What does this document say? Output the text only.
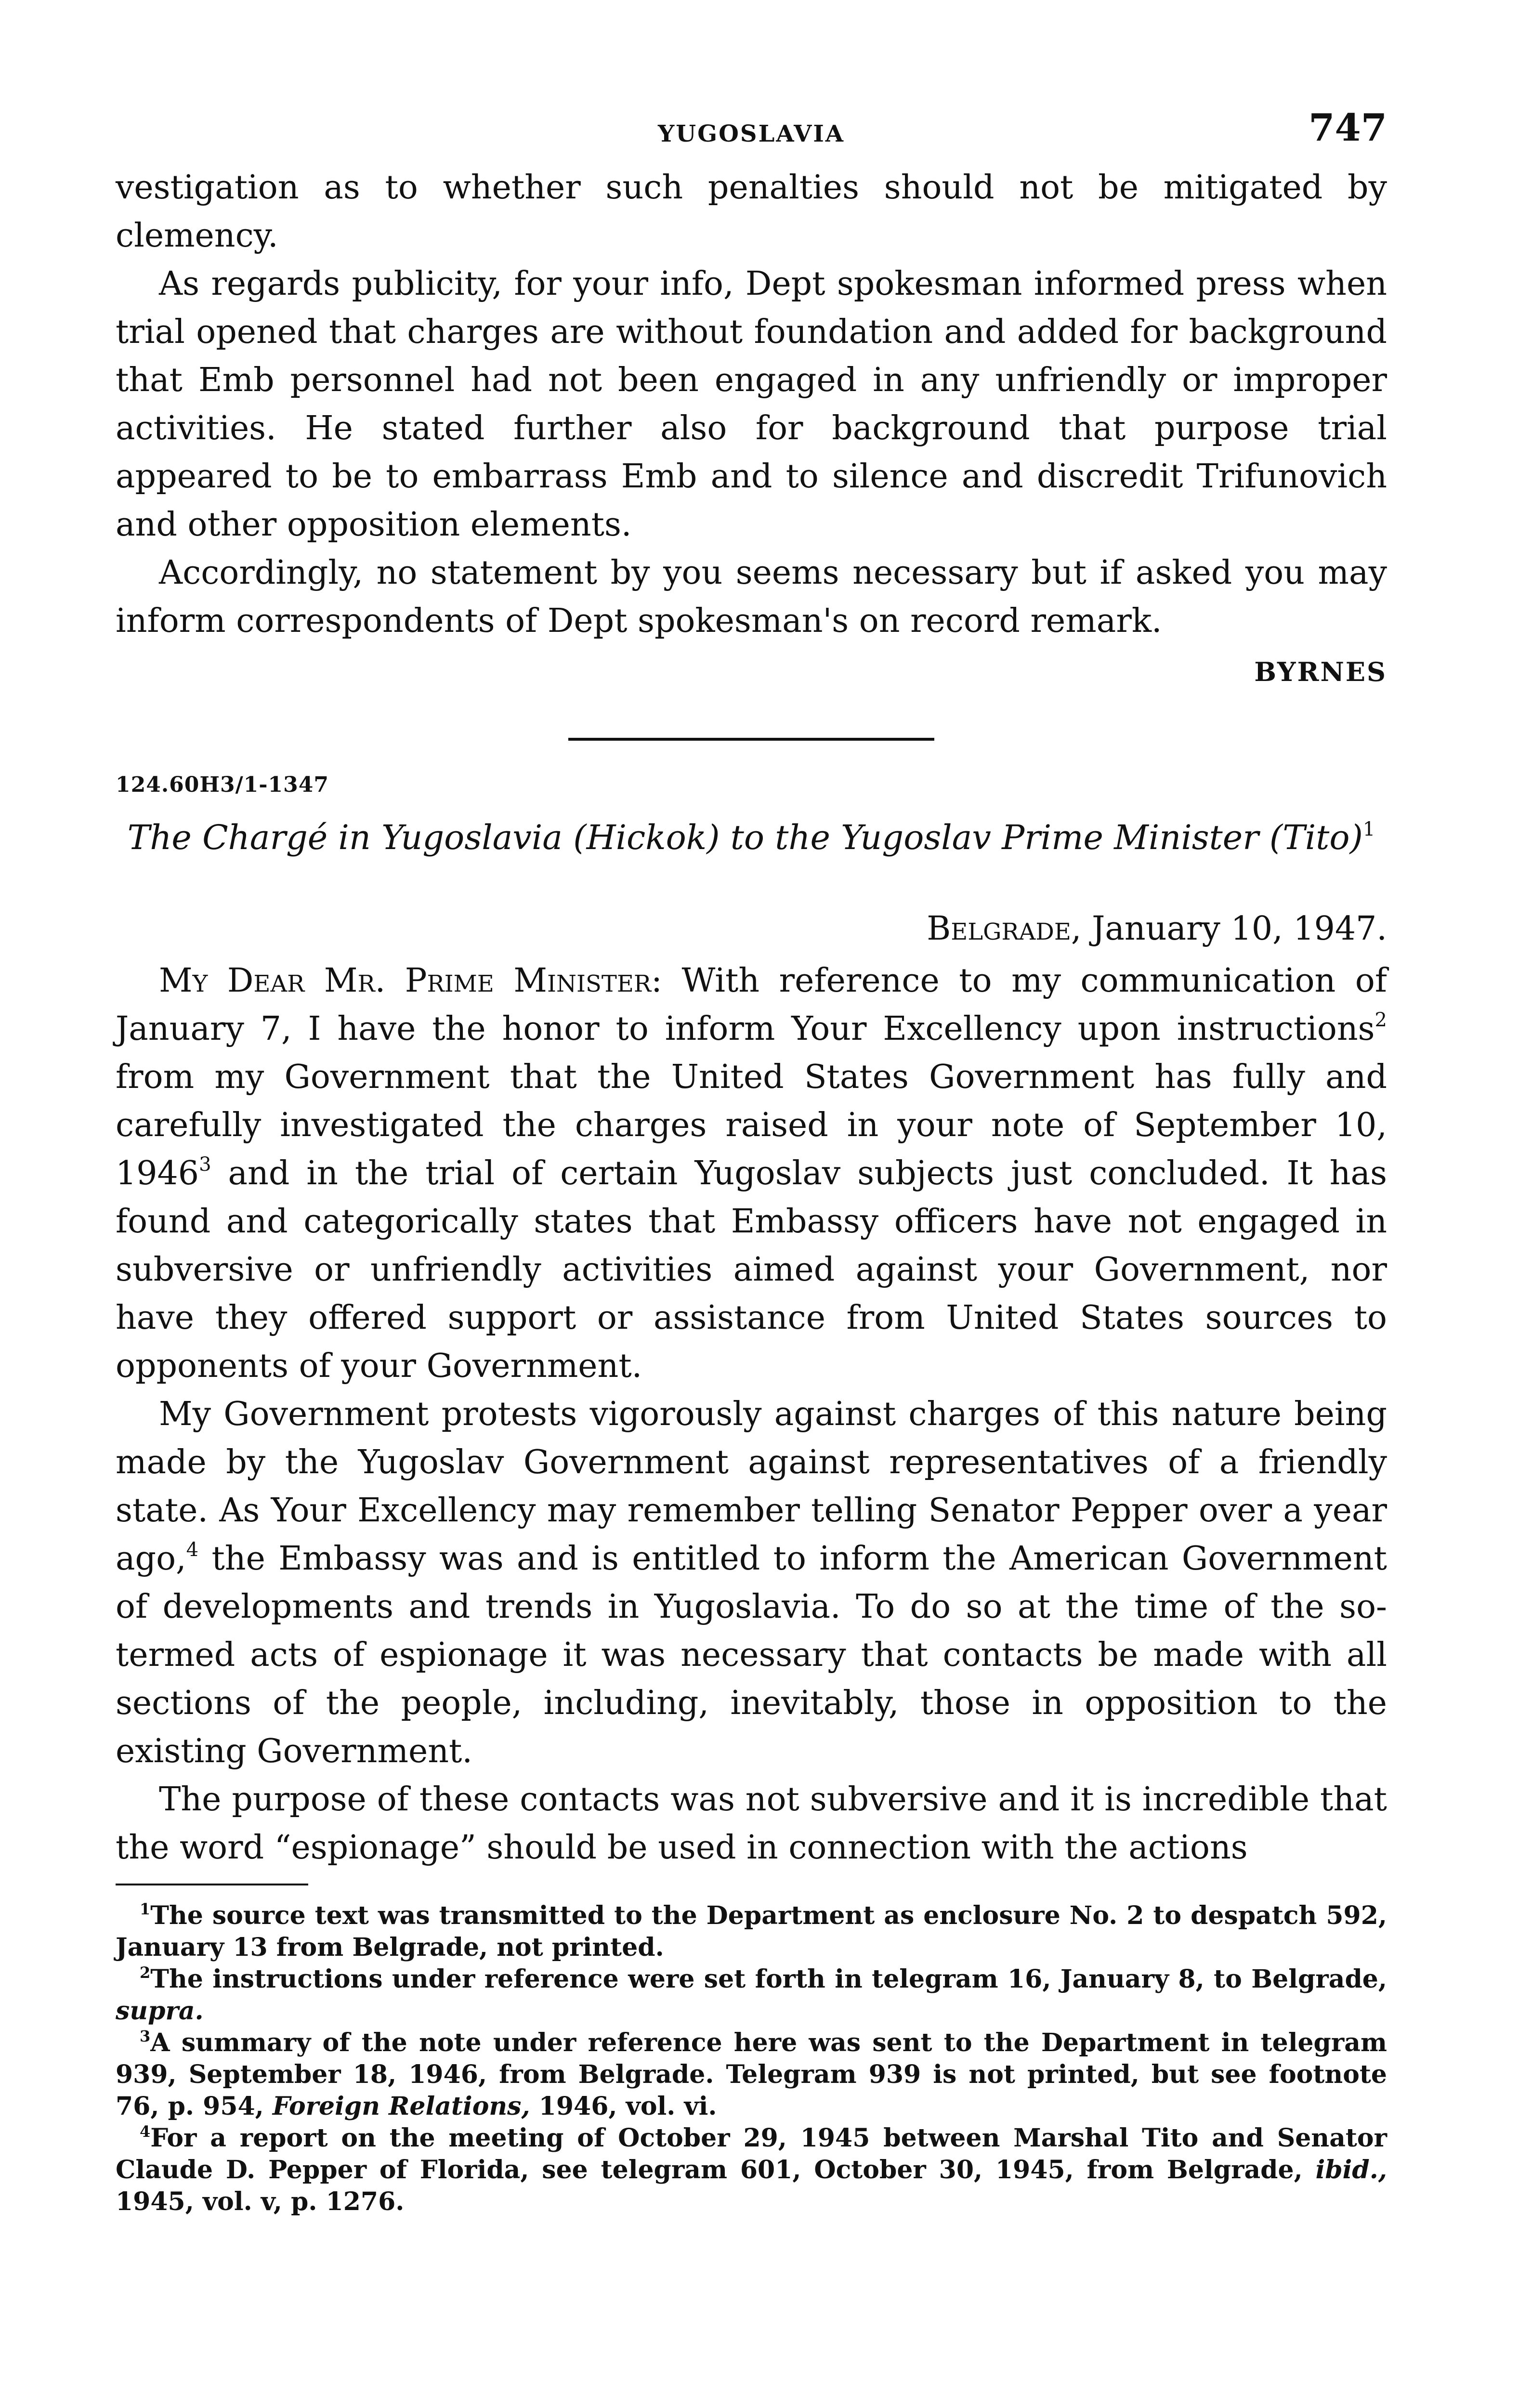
YUGOSLAVIA	747

vestigation as to whether such penalties should not be mitigated by clemency.

As regards publicity, for your info, Dept spokesman informed press when trial opened that charges are without foundation and added for background that Emb personnel had not been engaged in any unfriendly or improper activities. He stated further also for background that purpose trial appeared to be to embarrass Emb and to silence and discredit Trifunovich and other opposition elements.

Accordingly, no statement by you seems necessary but if asked you may inform correspondents of Dept spokesman's on record remark.

BYRNES
124.60H3/1-1347
The Chargé in Yugoslavia (Hickok) to the Yugoslav Prime Minister (Tito)$^1$
Belgrade, January 10, 1947.

My Dear Mr. Prime Minister: With reference to my communication of January 7, I have the honor to inform Your Excellency upon instructions$^2$ from my Government that the United States Government has fully and carefully investigated the charges raised in your note of September 10, 1946$^3$ and in the trial of certain Yugoslav subjects just concluded. It has found and categorically states that Embassy officers have not engaged in subversive or unfriendly activities aimed against your Government, nor have they offered support or assistance from United States sources to opponents of your Government.

My Government protests vigorously against charges of this nature being made by the Yugoslav Government against representatives of a friendly state. As Your Excellency may remember telling Senator Pepper over a year ago,$^4$ the Embassy was and is entitled to inform the American Government of developments and trends in Yugoslavia. To do so at the time of the so-termed acts of espionage it was necessary that contacts be made with all sections of the people, including, inevitably, those in opposition to the existing Government.

The purpose of these contacts was not subversive and it is incredible that the word “espionage” should be used in connection with the actions

$^1$The source text was transmitted to the Department as enclosure No. 2 to despatch 592, January 13 from Belgrade, not printed.

$^2$The instructions under reference were set forth in telegram 16, January 8, to Belgrade, supra.

$^3$A summary of the note under reference here was sent to the Department in telegram 939, September 18, 1946, from Belgrade. Telegram 939 is not printed, but see footnote 76, p. 954, Foreign Relations, 1946, vol. vi.

$^4$For a report on the meeting of October 29, 1945 between Marshal Tito and Senator Claude D. Pepper of Florida, see telegram 601, October 30, 1945, from Belgrade, ibid., 1945, vol. v, p. 1276.
